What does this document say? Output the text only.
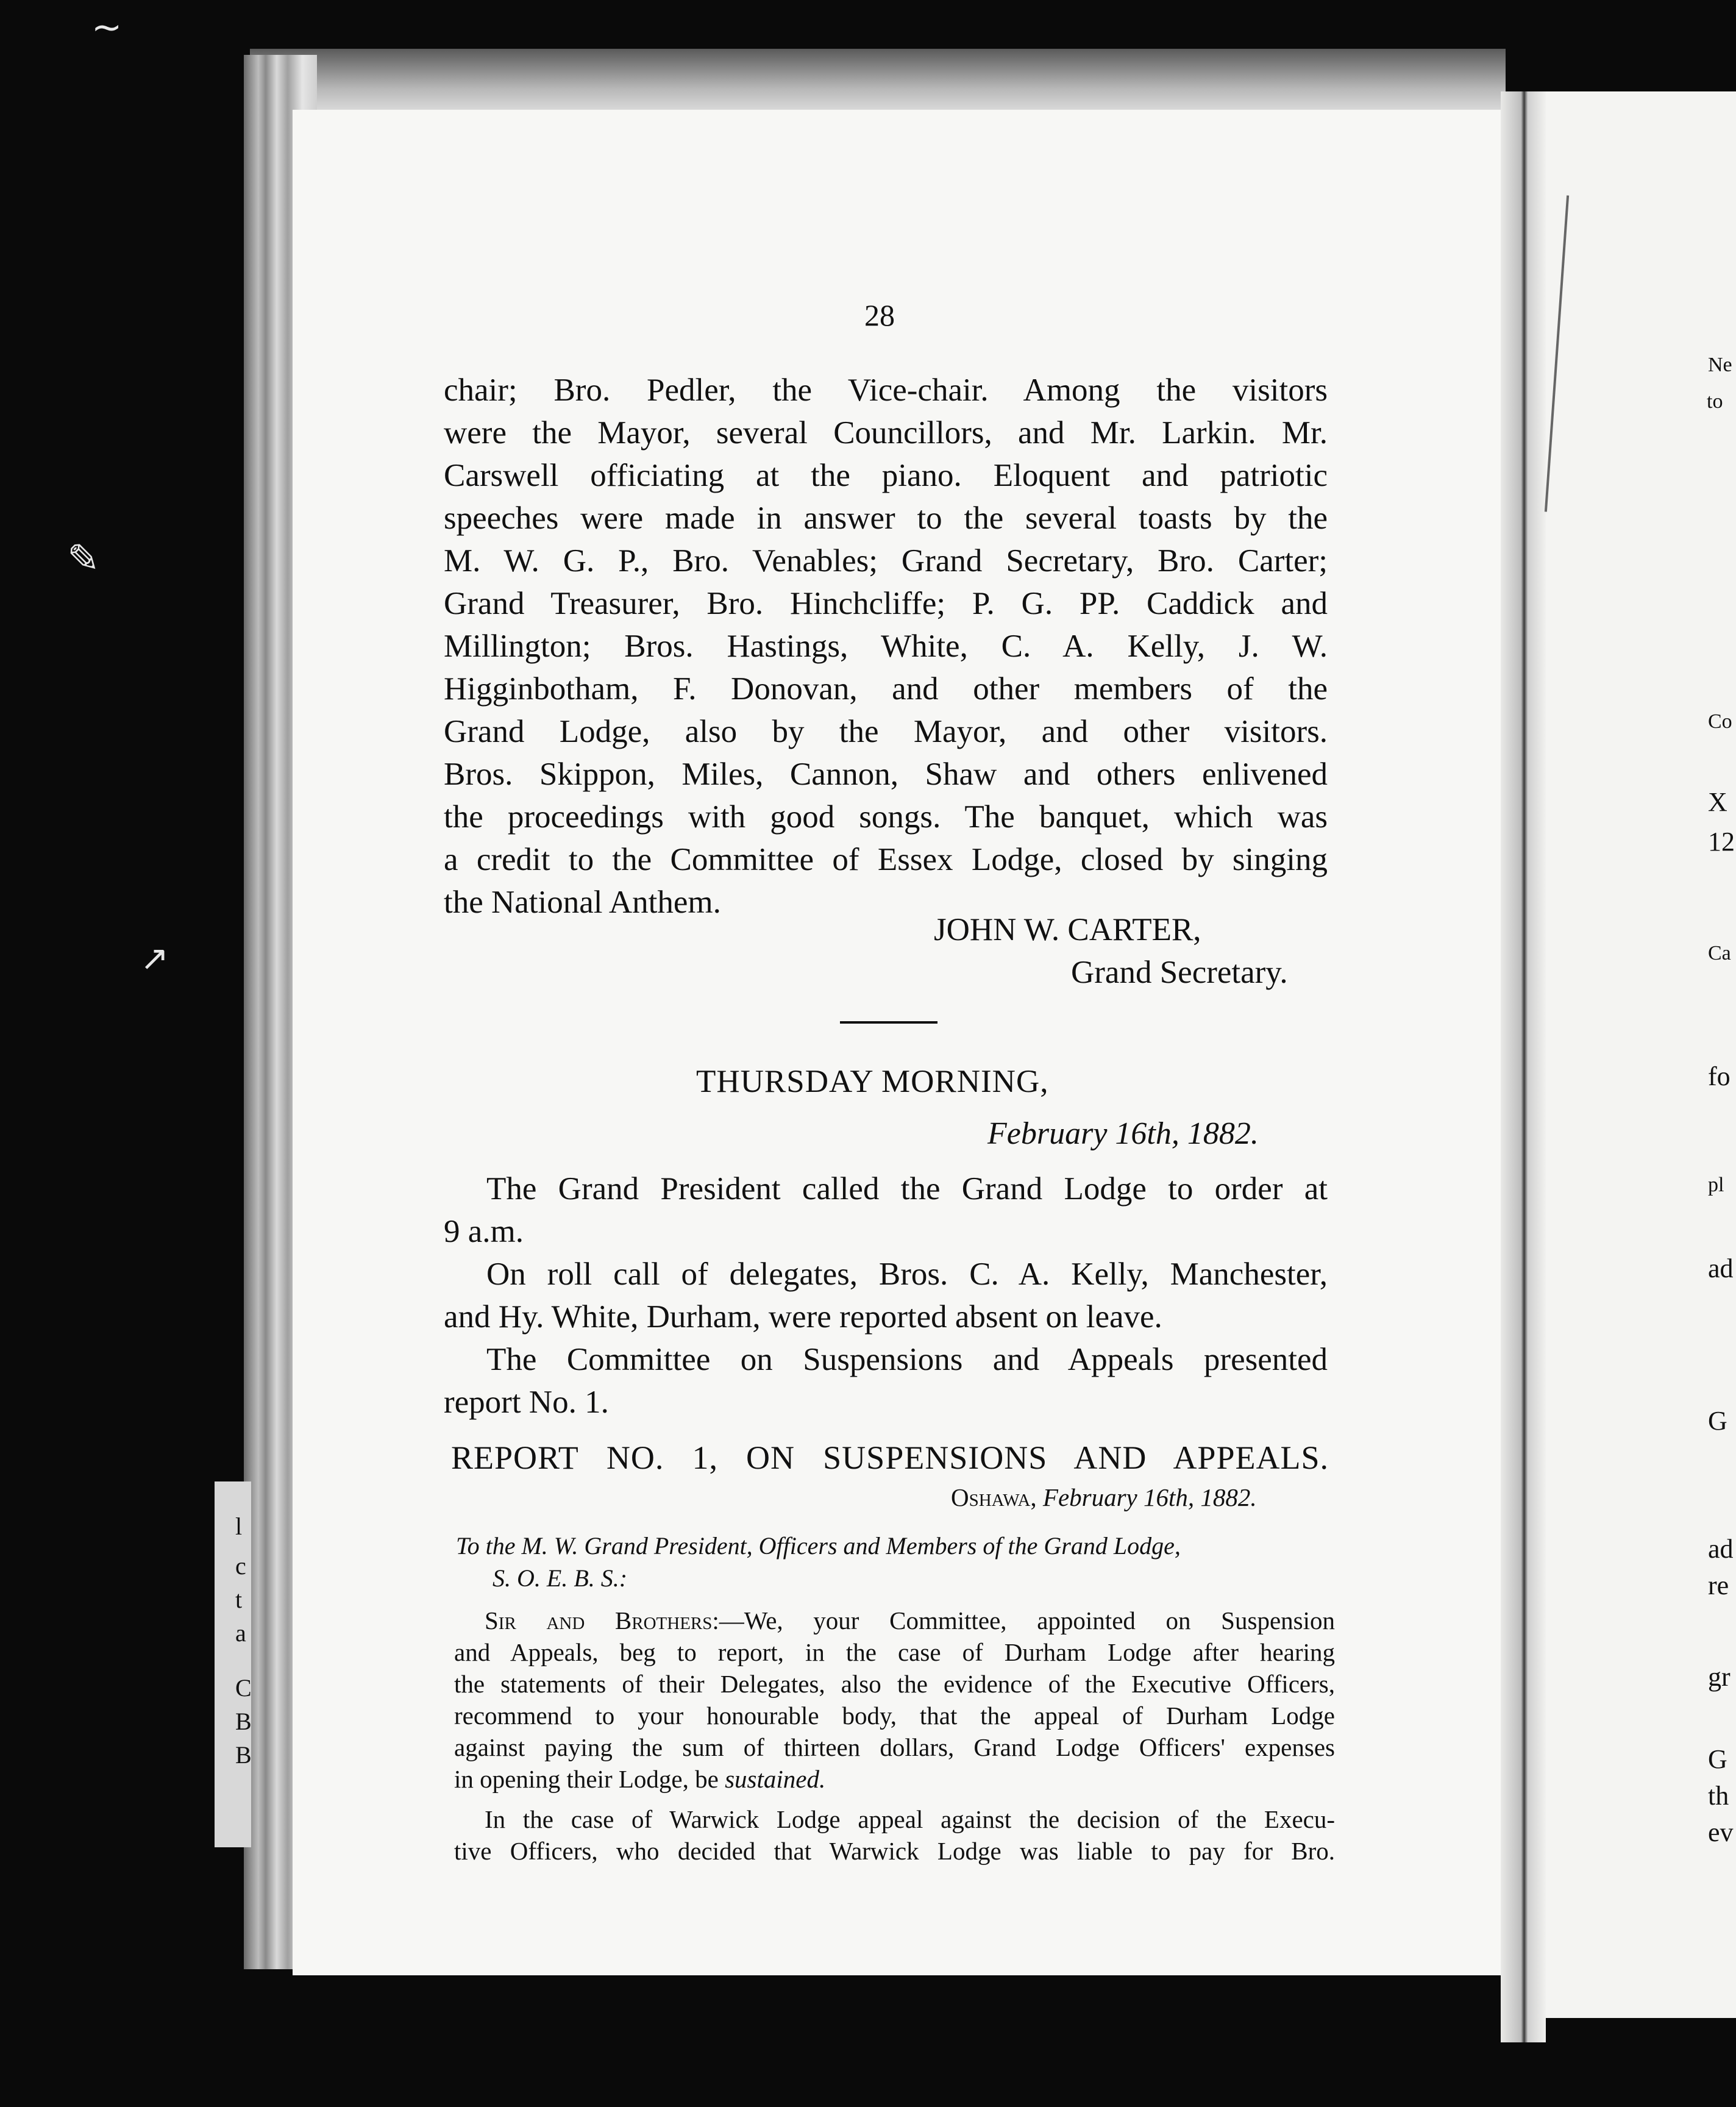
~
✎
↗
l
c
t
a
C
B
B
Ne
to
Co
X
12
Ca
fo
pl
ad
G
ad
re
gr
G
th
ev
28
chair; Bro. Pedler, the Vice-chair. Among the visitors
were the Mayor, several Councillors, and Mr. Larkin. Mr.
Carswell officiating at the piano. Eloquent and patriotic
speeches were made in answer to the several toasts by the
M. W. G. P., Bro. Venables; Grand Secretary, Bro. Carter;
Grand Treasurer, Bro. Hinchcliffe; P. G. PP. Caddick and
Millington; Bros. Hastings, White, C. A. Kelly, J. W.
Higginbotham, F. Donovan, and other members of the
Grand Lodge, also by the Mayor, and other visitors.
Bros. Skippon, Miles, Cannon, Shaw and others enlivened
the proceedings with good songs. The banquet, which was
a credit to the Committee of Essex Lodge, closed by singing
the National Anthem.
JOHN W. CARTER,
Grand Secretary.
THURSDAY MORNING,
February 16th, 1882.
The Grand President called the Grand Lodge to order at
9 a.m.
On roll call of delegates, Bros. C. A. Kelly, Manchester,
and Hy. White, Durham, were reported absent on leave.
The Committee on Suspensions and Appeals presented
report No. 1.
REPORT NO. 1, ON SUSPENSIONS AND APPEALS.
Oshawa, February 16th, 1882.
To the M. W. Grand President, Officers and Members of the Grand Lodge,
S. O. E. B. S.:
Sir and Brothers:—We, your Committee, appointed on Suspension
and Appeals, beg to report, in the case of Durham Lodge after hearing
the statements of their Delegates, also the evidence of the Executive Officers,
recommend to your honourable body, that the appeal of Durham Lodge
against paying the sum of thirteen dollars, Grand Lodge Officers' expenses
in opening their Lodge, be sustained.
In the case of Warwick Lodge appeal against the decision of the Execu-
tive Officers, who decided that Warwick Lodge was liable to pay for Bro.
